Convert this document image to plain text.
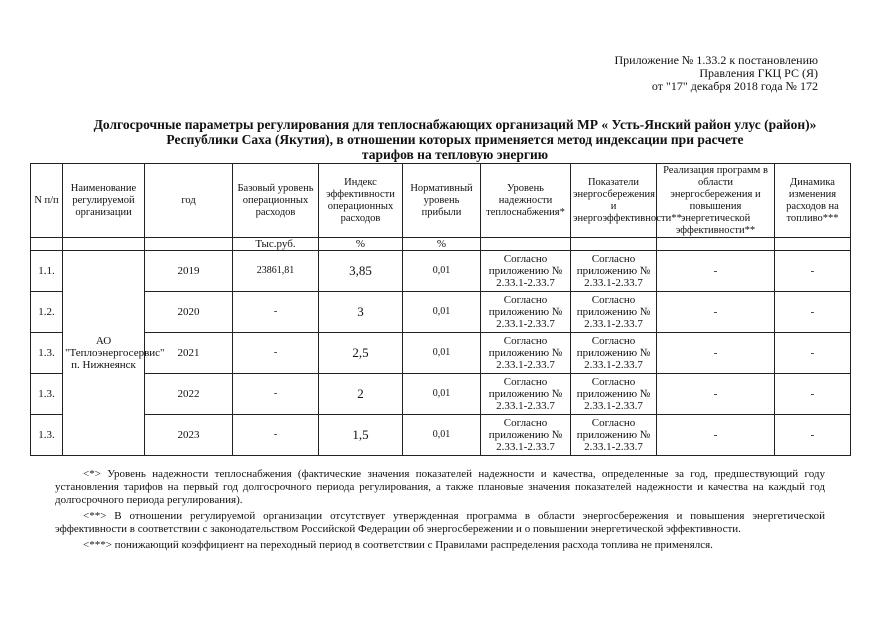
Приложение № 1.33.2 к постановлению
Правления ГКЦ РС (Я)
от "17" декабря 2018 года № 172
Долгосрочные параметры регулирования для теплоснабжающих организаций МР « Усть-Янский район улус (район)»
Республики Саха (Якутия), в отношении которых применяется метод индексации при расчете
тарифов на тепловую энергию
N п/п	Наименование регулируемой организации	год	Базовый уровень операционных расходов	Индекс эффективности операционных расходов	Нормативный уровень прибыли	Уровень надежности теплоснабжения*	Показатели энергосбережения и энергоэффективности**	Реализация программ в области энергосбережения и повышения энергетической эффективности**	Динамика изменения расходов на топливо***
			Тыс.руб.	%	%				
1.1.	АО "Теплоэнергосервис" п. Нижнеянск	2019	23861,81	3,85	0,01	Согласно приложению № 2.33.1-2.33.7	Согласно приложению № 2.33.1-2.33.7	-	-
1.2.		2020	-	3	0,01	Согласно приложению № 2.33.1-2.33.7	Согласно приложению № 2.33.1-2.33.7	-	-
1.3.		2021	-	2,5	0,01	Согласно приложению № 2.33.1-2.33.7	Согласно приложению № 2.33.1-2.33.7	-	-
1.3.		2022	-	2	0,01	Согласно приложению № 2.33.1-2.33.7	Согласно приложению № 2.33.1-2.33.7	-	-
1.3.		2023	-	1,5	0,01	Согласно приложению № 2.33.1-2.33.7	Согласно приложению № 2.33.1-2.33.7	-	-

<*> Уровень надежности теплоснабжения (фактические значения показателей надежности и качества, определенные за год, предшествующий году установления тарифов на первый год долгосрочного периода регулирования, а также плановые значения показателей надежности и качества на каждый год долгосрочного периода регулирования).

<**> В отношении регулируемой организации отсутствует утвержденная программа в области энергосбережения и повышения энергетической эффективности в соответствии с законодательством Российской Федерации об энергосбережении и о повышении энергетической эффективности.

<***> понижающий коэффициент на переходный период в соответствии с Правилами распределения расхода топлива не применялся.
